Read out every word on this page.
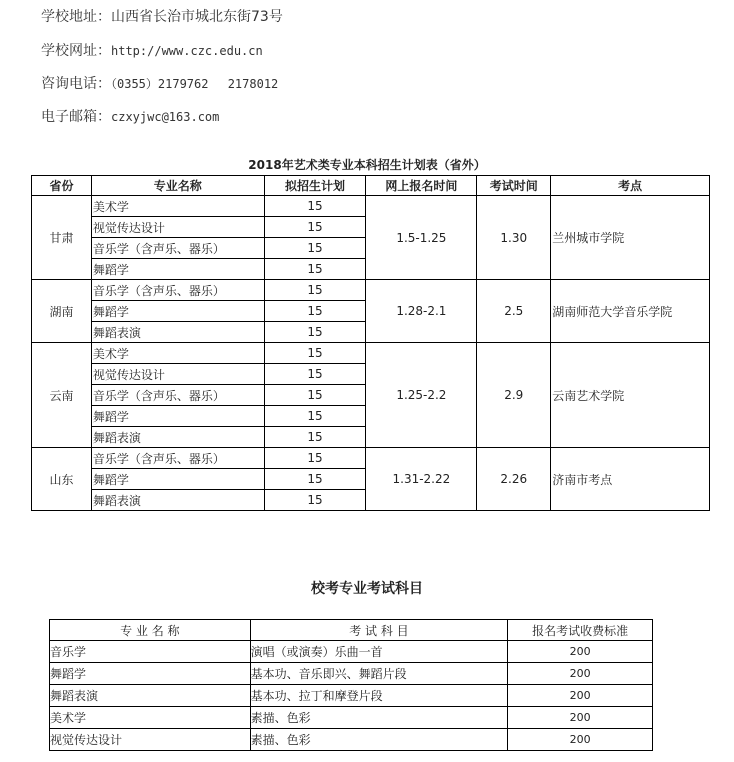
学校地址：山西省长治市城北东街73号
学校网址：http://www.czc.edu.cn
咨询电话：（0355）2179762　 2178012
电子邮箱：czxyjwc@163.com
2018年艺术类专业本科招生计划表（省外）
省份	专业名称	拟招生计划	网上报名时间	考试时间	考点
甘肃	美术学	15	1.5-1.25	1.30	兰州城市学院
	视觉传达设计	15			
	音乐学（含声乐、器乐）	15			
	舞蹈学	15			
湖南	音乐学（含声乐、器乐）	15	1.28-2.1	2.5	湖南师范大学音乐学院
	舞蹈学	15			
	舞蹈表演	15			
云南	美术学	15	1.25-2.2	2.9	云南艺术学院
	视觉传达设计	15			
	音乐学（含声乐、器乐）	15			
	舞蹈学	15			
	舞蹈表演	15			
山东	音乐学（含声乐、器乐）	15	1.31-2.22	2.26	济南市考点
	舞蹈学	15			
	舞蹈表演	15			
校考专业考试科目
专 业 名 称	考 试 科 目	报名考试收费标准
音乐学	演唱（或演奏）乐曲一首	200
舞蹈学	基本功、音乐即兴、舞蹈片段	200
舞蹈表演	基本功、拉丁和摩登片段	200
美术学	素描、色彩	200
视觉传达设计	素描、色彩	200
